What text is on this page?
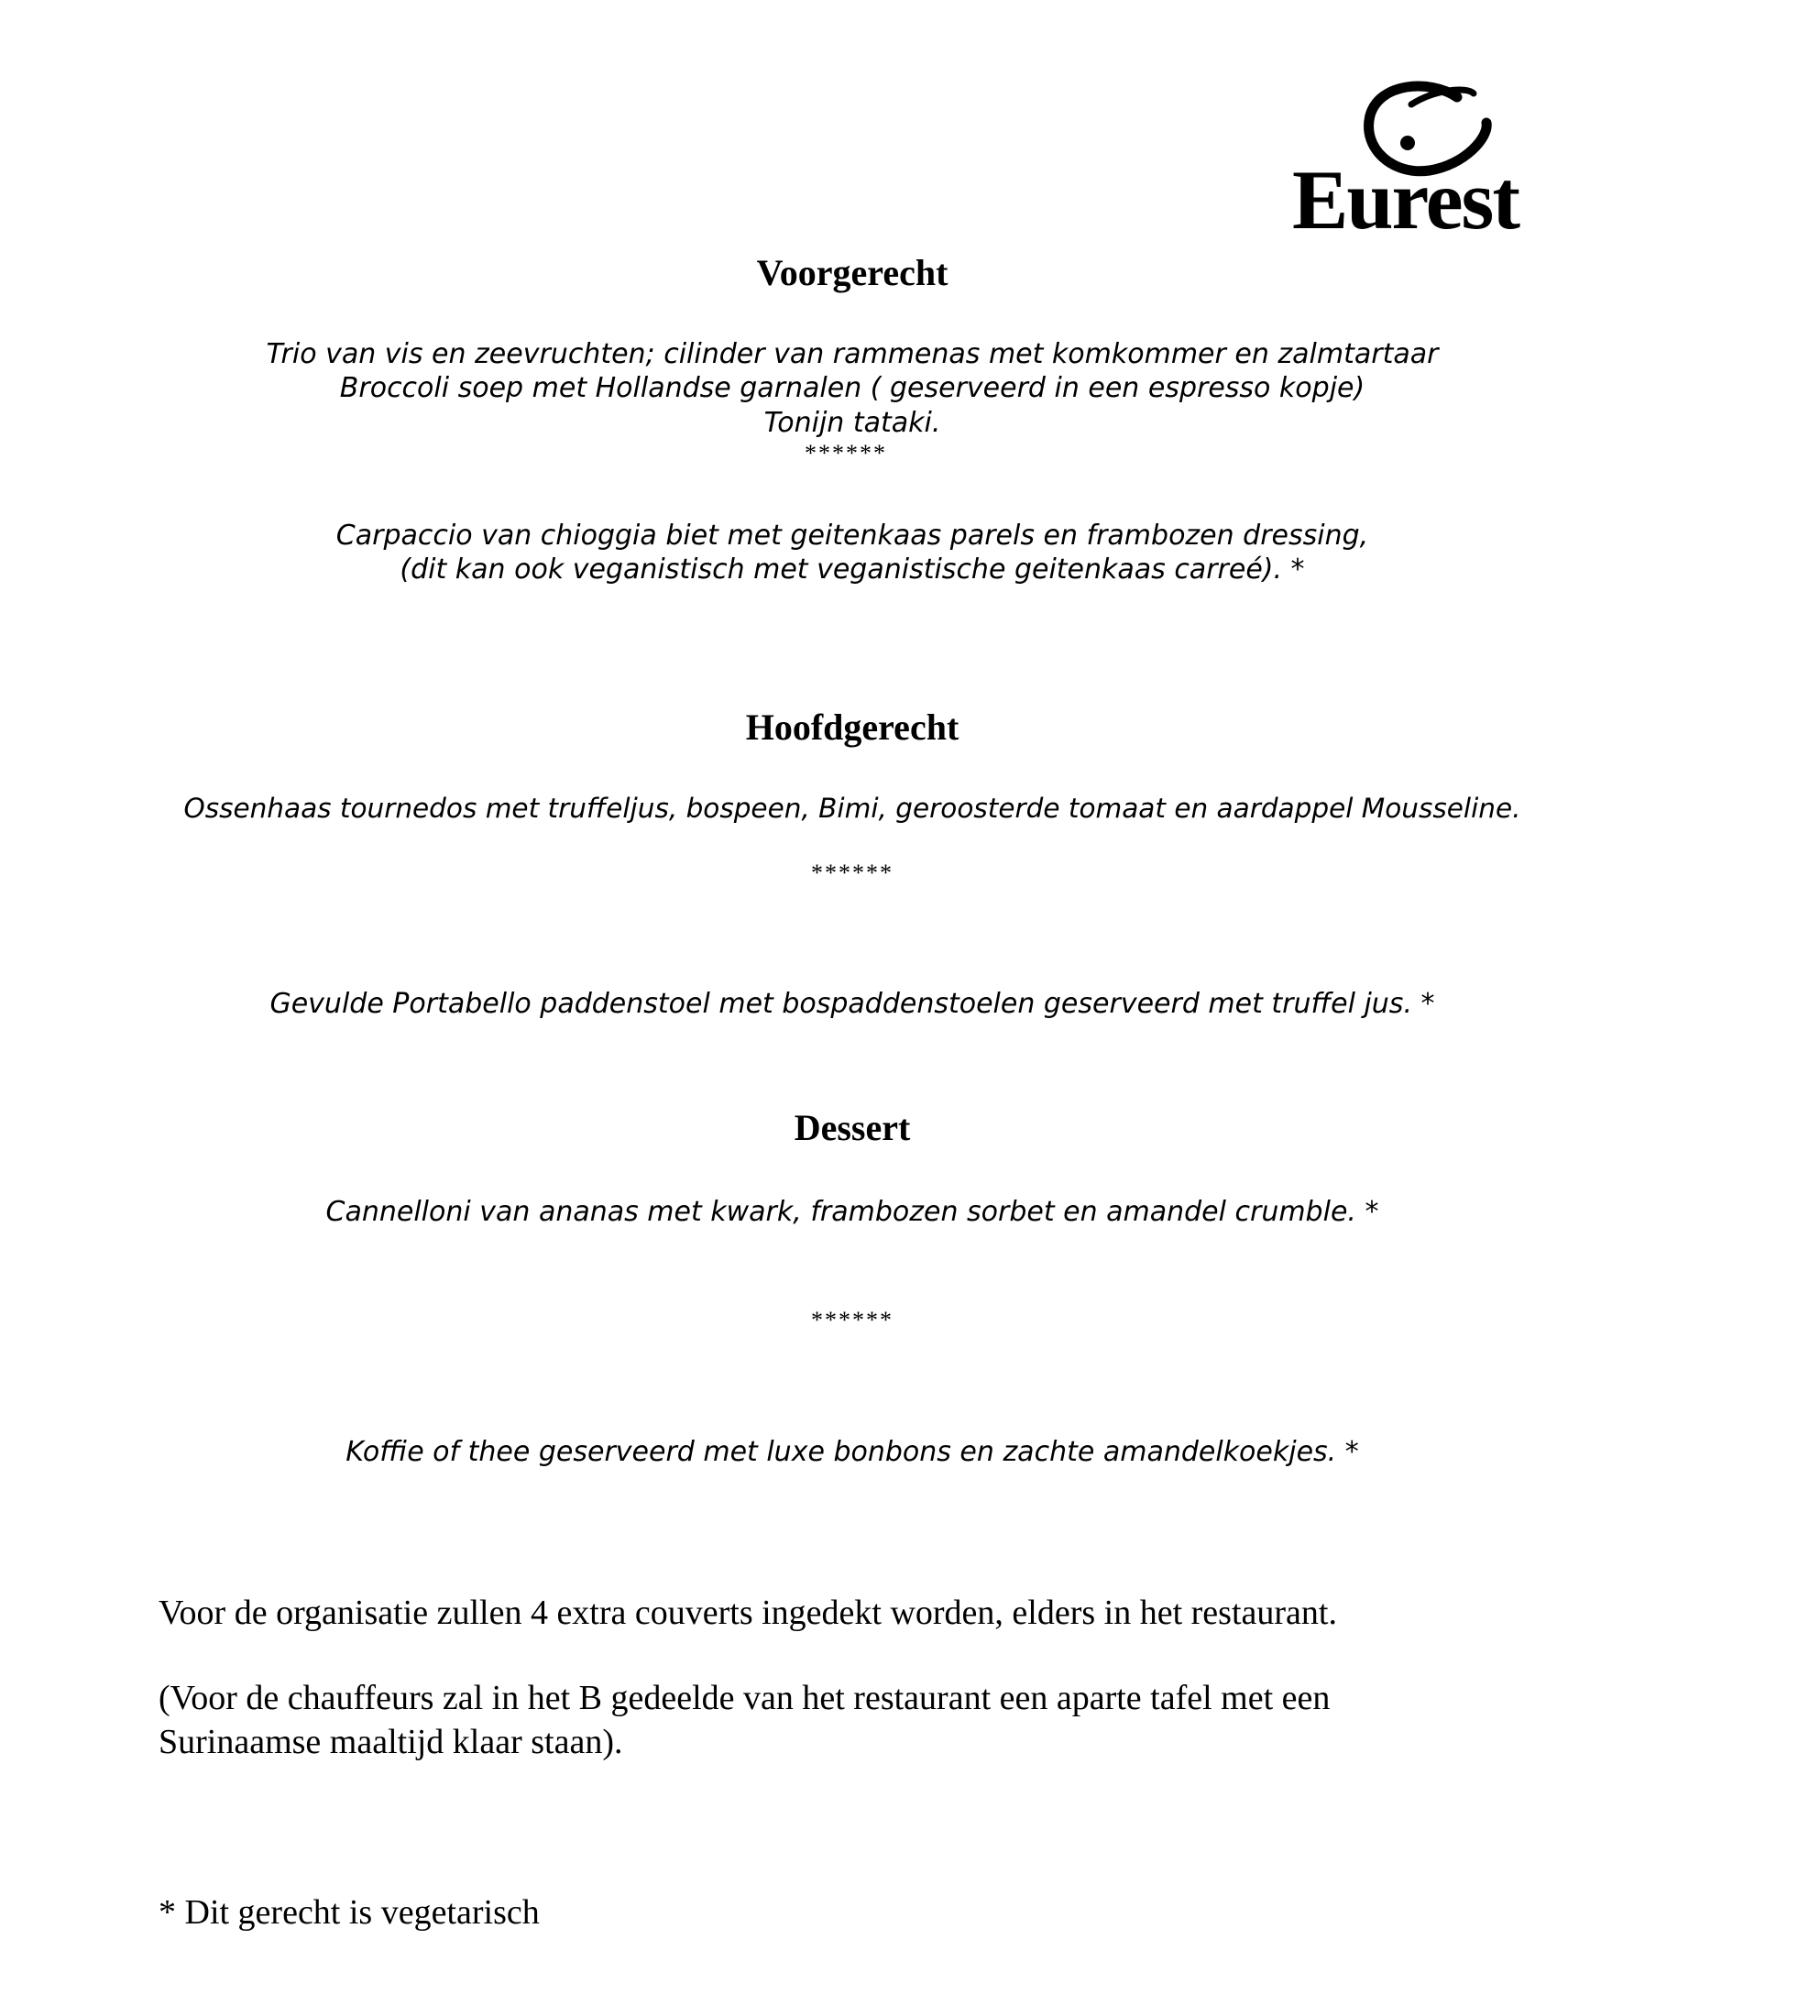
Eurest
Voorgerecht
Trio van vis en zeevruchten; cilinder van rammenas met komkommer en zalmtartaar
Broccoli soep met Hollandse garnalen ( geserveerd in een espresso kopje)
Tonijn tataki.
******
Carpaccio van chioggia biet met geitenkaas parels en frambozen dressing,
(dit kan ook veganistisch met veganistische geitenkaas carreé). *
Hoofdgerecht
Ossenhaas tournedos met truffeljus, bospeen, Bimi, geroosterde tomaat en aardappel Mousseline.
******
Gevulde Portabello paddenstoel met bospaddenstoelen geserveerd met truffel jus. *
Dessert
Cannelloni van ananas met kwark, frambozen sorbet en amandel crumble. *
******
Koffie of thee geserveerd met luxe bonbons en zachte amandelkoekjes. *
Voor de organisatie zullen 4 extra couverts ingedekt worden, elders in het restaurant.
(Voor de chauffeurs zal in het B gedeelde van het restaurant een aparte tafel met een
Surinaamse maaltijd klaar staan).
* Dit gerecht is vegetarisch
